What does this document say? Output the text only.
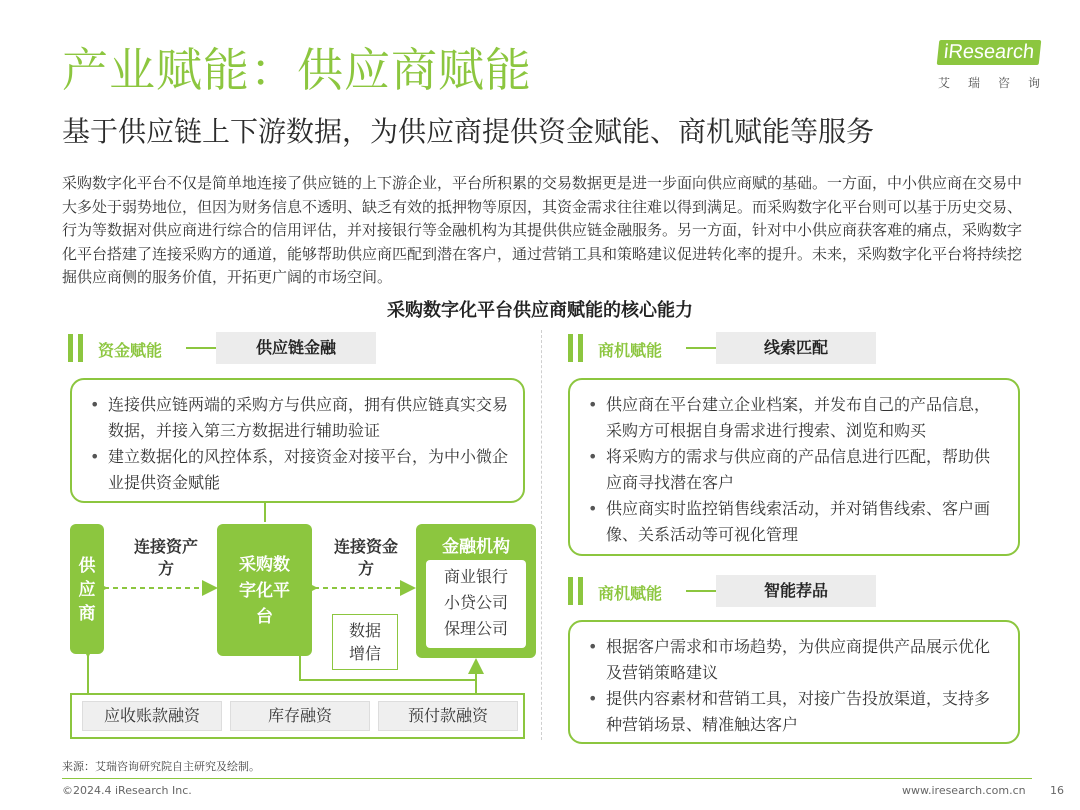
产业赋能：供应商赋能	iResearch
艾瑞咨询
基于供应链上下游数据，为供应商提供资金赋能、商机赋能等服务
采购数字化平台不仅是简单地连接了供应链的上下游企业，平台所积累的交易数据更是进一步面向供应商赋的基础。一方面，中小供应商在交易中大多处于弱势地位，但因为财务信息不透明、缺乏有效的抵押物等原因，其资金需求往往难以得到满足。而采购数字化平台则可以基于历史交易、行为等数据对供应商进行综合的信用评估，并对接银行等金融机构为其提供供应链金融服务。另一方面，针对中小供应商获客难的痛点，采购数字化平台搭建了连接采购方的通道，能够帮助供应商匹配到潜在客户，通过营销工具和策略建议促进转化率的提升。未来，采购数字化平台将持续挖掘供应商侧的服务价值，开拓更广阔的市场空间。
采购数字化平台供应商赋能的核心能力
资金赋能	供应链金融
• 连接供应链两端的采购方与供应商，拥有供应链真实交易数据，并接入第三方数据进行辅助验证
• 建立数据化的风控体系，对接资金对接平台，为中小微企业提供资金赋能
供应商
连接资产方	采购数字化平台
连接资金方
金融机构
商业银行
小贷公司
保理公司
数据增信
应收账款融资	库存融资	预付款融资
商机赋能	线索匹配
• 供应商在平台建立企业档案，并发布自己的产品信息，采购方可根据自身需求进行搜索、浏览和购买
• 将采购方的需求与供应商的产品信息进行匹配，帮助供应商寻找潜在客户
• 供应商实时监控销售线索活动，并对销售线索、客户画像、关系活动等可视化管理
商机赋能	智能荐品
• 根据客户需求和市场趋势，为供应商提供产品展示优化及营销策略建议
• 提供内容素材和营销工具，对接广告投放渠道，支持多种营销场景、精准触达客户
来源：艾瑞咨询研究院自主研究及绘制。
©2024.4 iResearch Inc.	www.iresearch.com.cn 16
